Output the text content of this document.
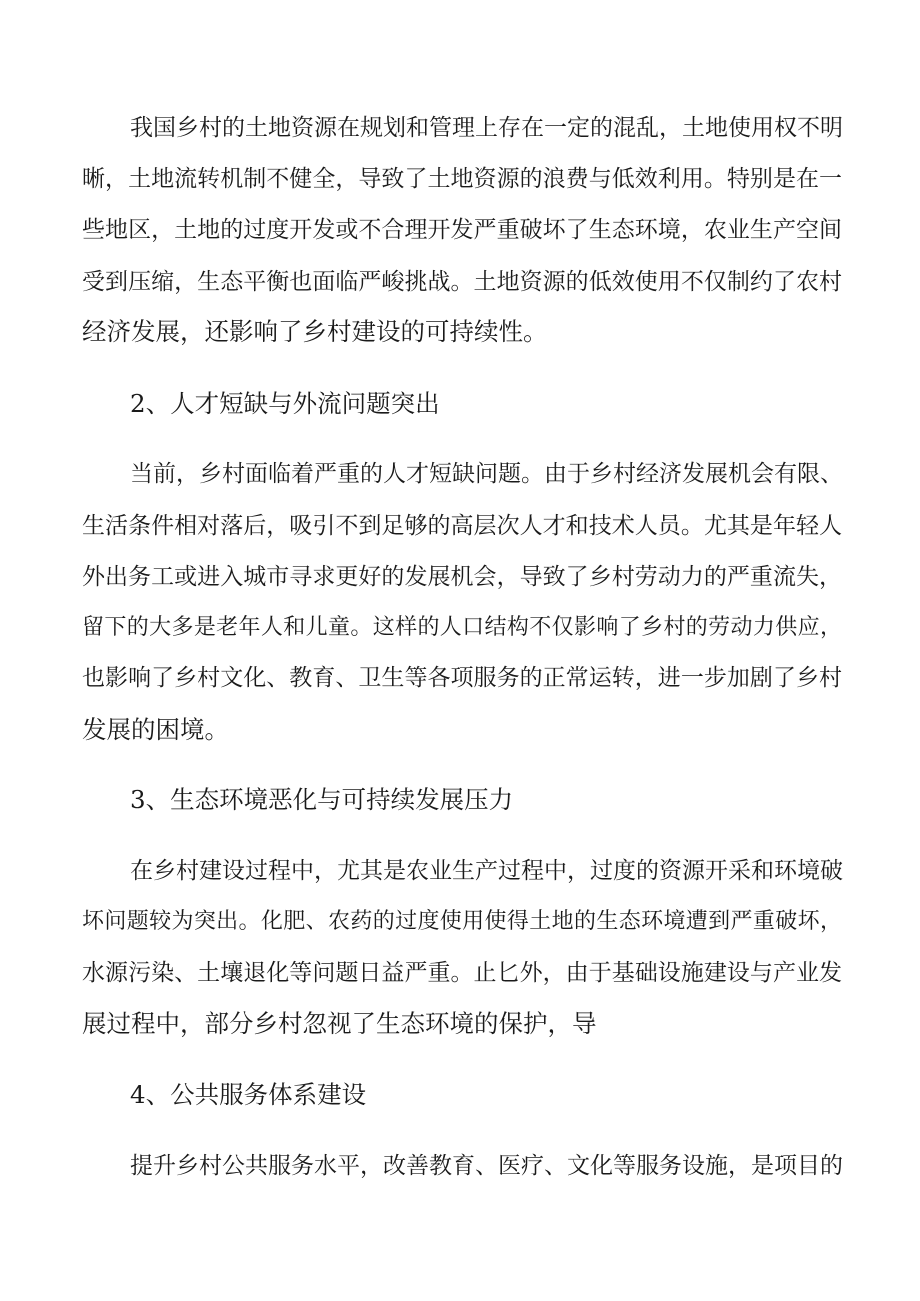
我国乡村的土地资源在规划和管理上存在一定的混乱，土地使用权不明
晰，土地流转机制不健全，导致了土地资源的浪费与低效利用。特别是在一
些地区，土地的过度开发或不合理开发严重破坏了生态环境，农业生产空间
受到压缩，生态平衡也面临严峻挑战。土地资源的低效使用不仅制约了农村
经济发展，还影响了乡村建设的可持续性。
2、人才短缺与外流问题突出
当前，乡村面临着严重的人才短缺问题。由于乡村经济发展机会有限、
生活条件相对落后，吸引不到足够的高层次人才和技术人员。尤其是年轻人
外出务工或进入城市寻求更好的发展机会，导致了乡村劳动力的严重流失，
留下的大多是老年人和儿童。这样的人口结构不仅影响了乡村的劳动力供应，
也影响了乡村文化、教育、卫生等各项服务的正常运转，进一步加剧了乡村
发展的困境。
3、生态环境恶化与可持续发展压力
在乡村建设过程中，尤其是农业生产过程中，过度的资源开采和环境破
坏问题较为突出。化肥、农药的过度使用使得土地的生态环境遭到严重破坏，
水源污染、土壤退化等问题日益严重。止匕外，由于基础设施建设与产业发
展过程中，部分乡村忽视了生态环境的保护，导
4、公共服务体系建设
提升乡村公共服务水平，改善教育、医疗、文化等服务设施，是项目的
